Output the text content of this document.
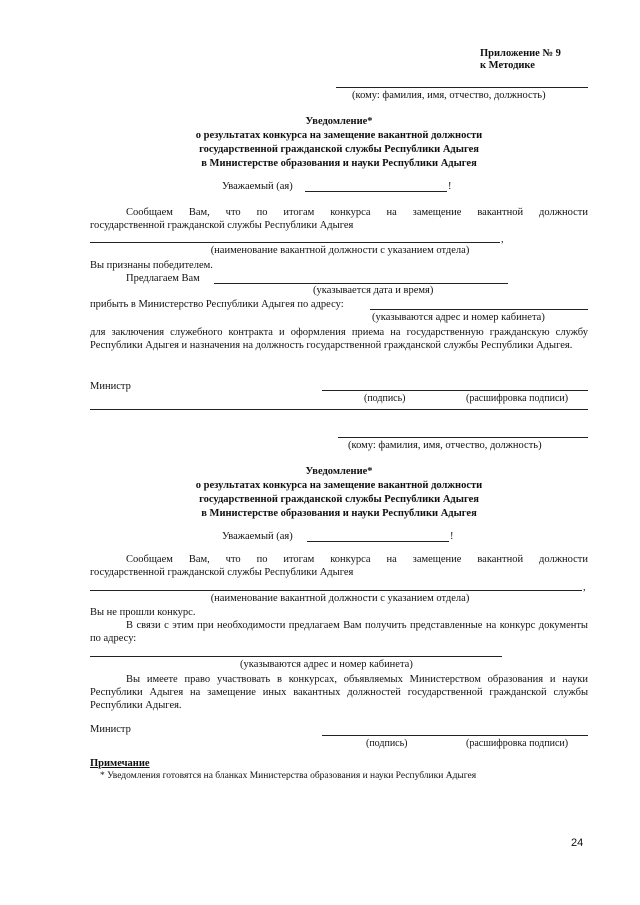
Приложение № 9
к Методике
(кому: фамилия, имя, отчество, должность)
Уведомление*
о результатах конкурса на замещение вакантной должности
государственной гражданской службы Республики Адыгея
в Министерстве образования и науки Республики Адыгея
Уважаемый (ая)	!
Сообщаем Вам, что по итогам конкурса на замещение вакантной должности
государственной гражданской службы Республики Адыгея
,
(наименование вакантной должности с указанием отдела)
Вы признаны победителем.
Предлагаем Вам
(указывается дата и время)
прибыть в Министерство Республики Адыгея по адресу:
(указываются адрес и номер кабинета)
для заключения служебного контракта и оформления приема на государственную гражданскую службу Республики Адыгея и назначения на должность государственной гражданской службы Республики Адыгея.
Министр
(подпись)	(расшифровка подписи)
(кому: фамилия, имя, отчество, должность)
Уведомление*
о результатах конкурса на замещение вакантной должности
государственной гражданской службы Республики Адыгея
в Министерстве образования и науки Республики Адыгея
Уважаемый (ая)	!
Сообщаем Вам, что по итогам конкурса на замещение вакантной должности
государственной гражданской службы Республики Адыгея
,
(наименование вакантной должности с указанием отдела)
Вы не прошли конкурс.
В связи с этим при необходимости предлагаем Вам получить представленные на конкурс документы по адресу:
(указываются адрес и номер кабинета)
Вы имеете право участвовать в конкурсах, объявляемых Министерством образования и науки Республики Адыгея на замещение иных вакантных должностей государственной гражданской службы Республики Адыгея.
Министр
(подпись)	(расшифровка подписи)
Примечание
* Уведомления готовятся на бланках Министерства образования и науки Республики Адыгея
24
